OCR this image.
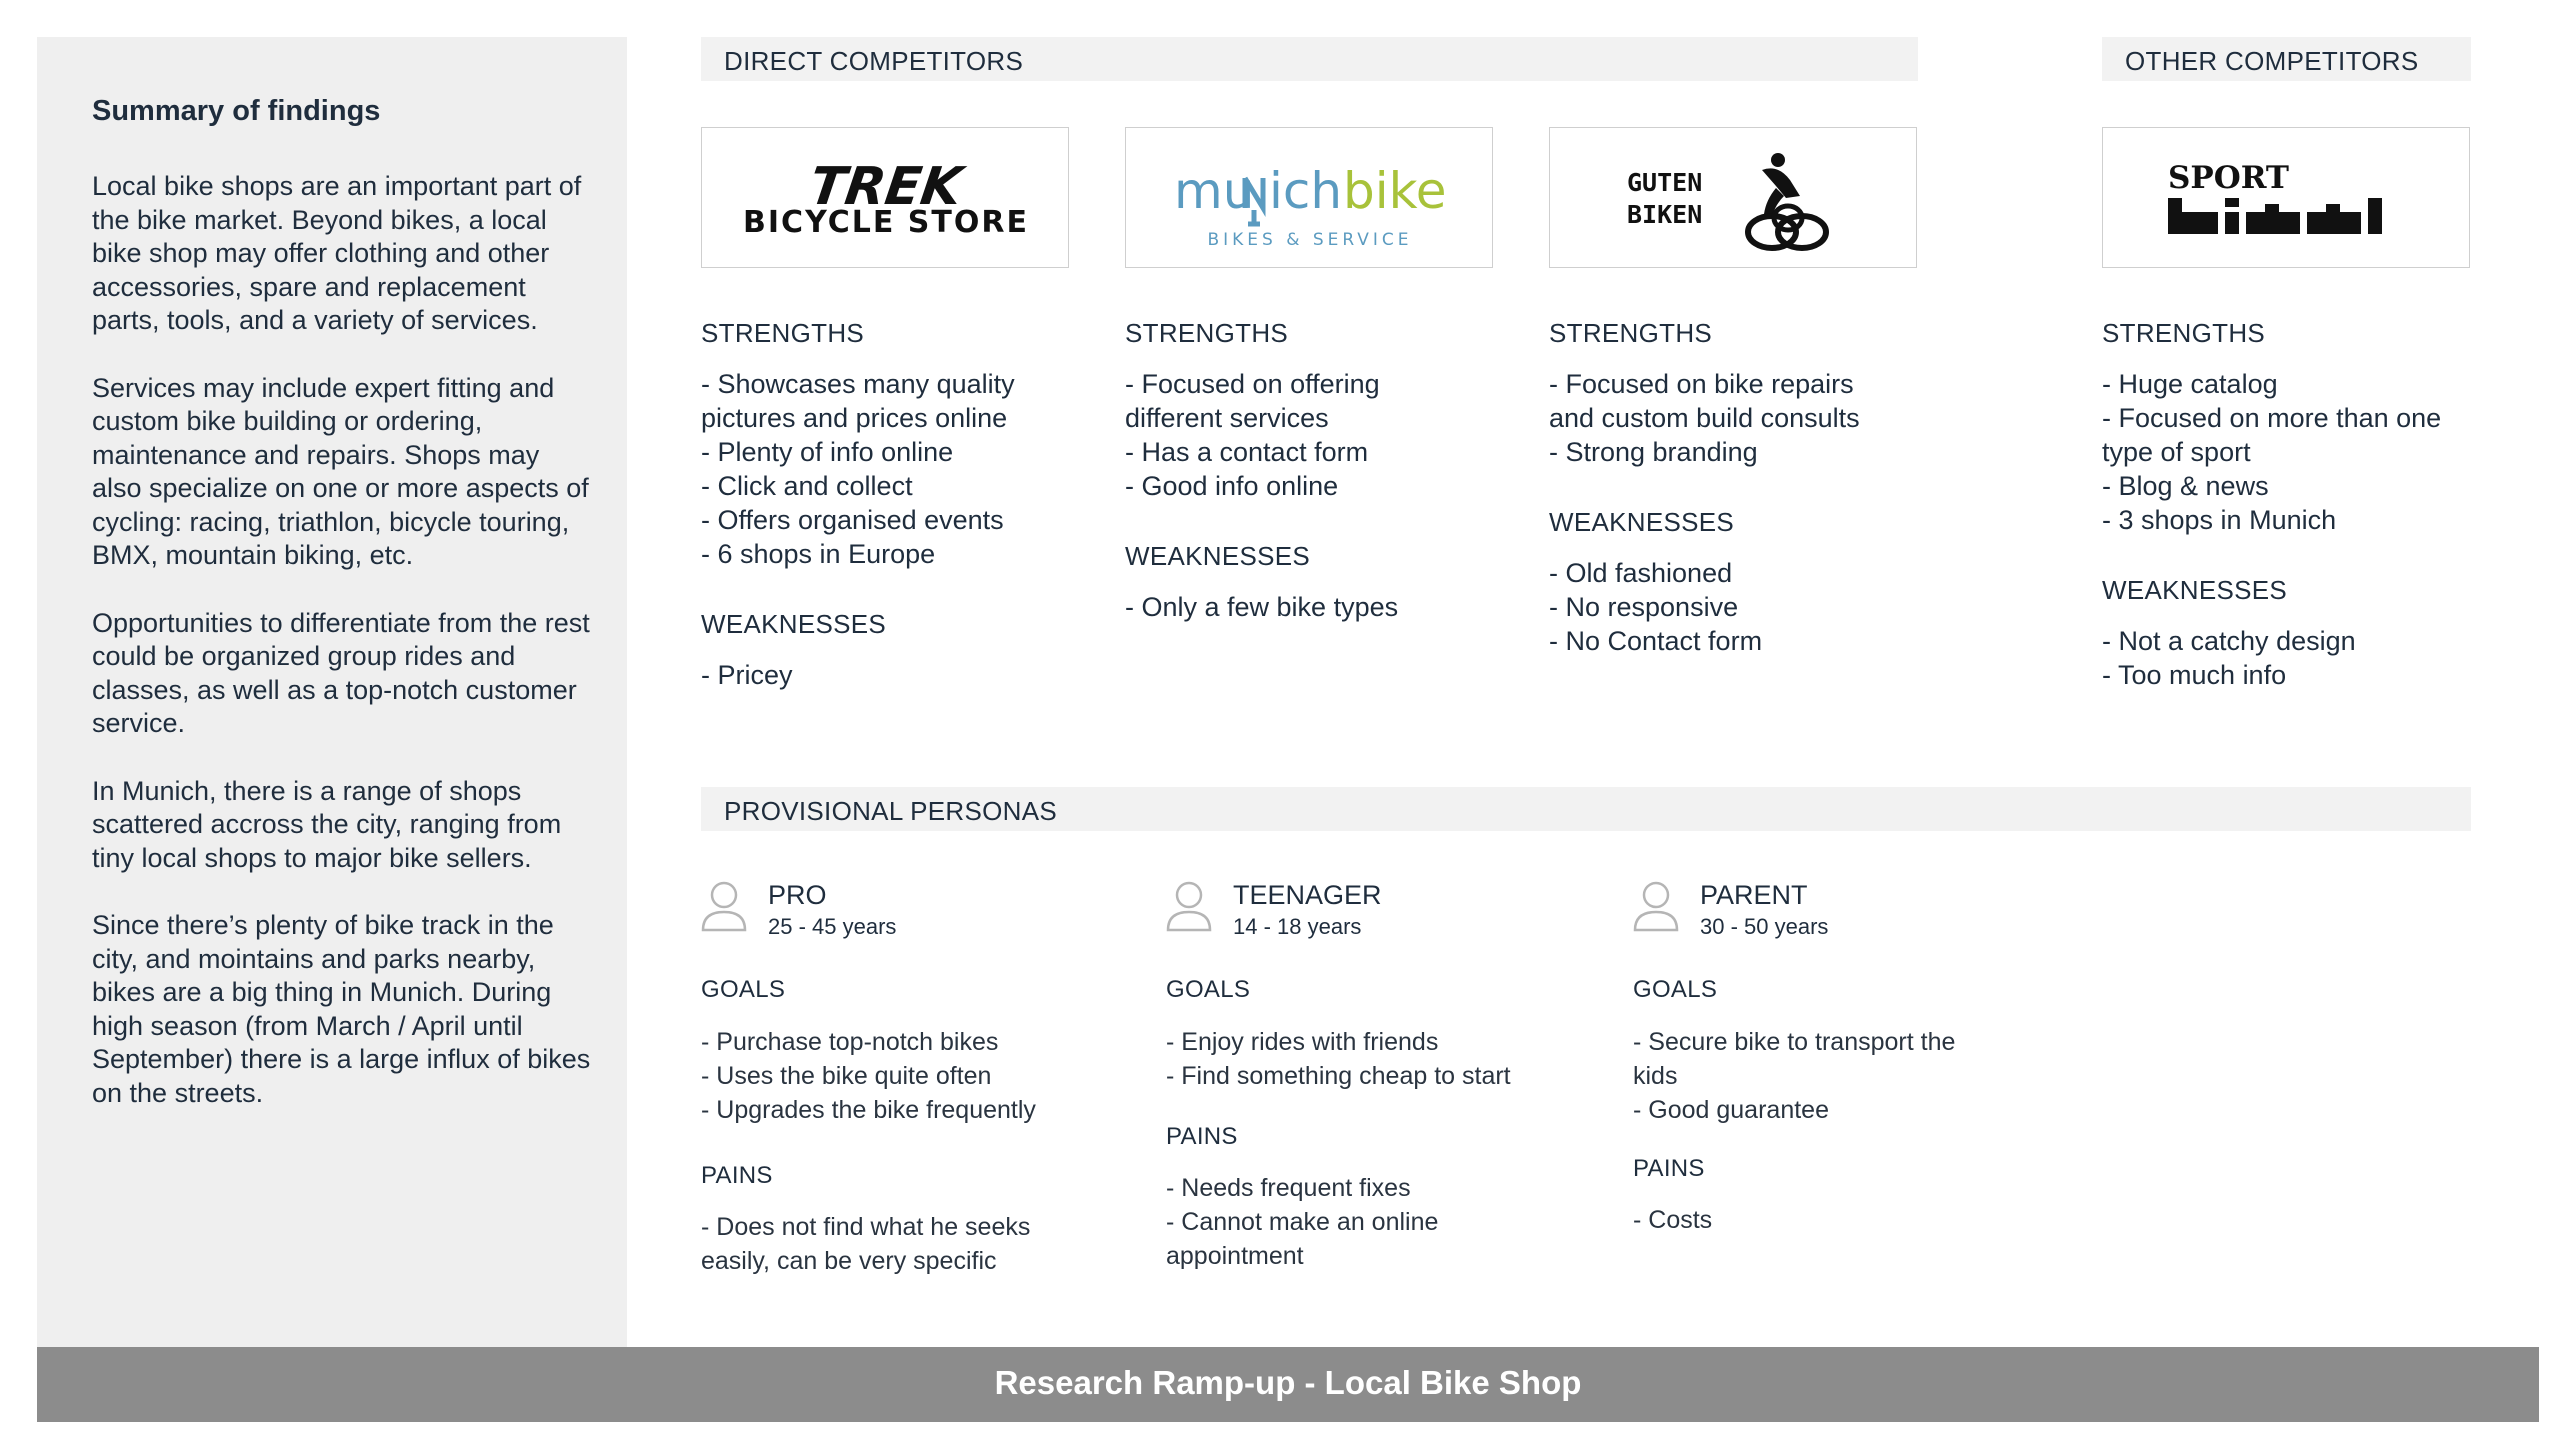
Summary of findings

Local bike shops are an important part of the bike market. Beyond bikes, a local bike shop may offer clothing and other accessories, spare and replacement parts, tools, and a variety of services.

Services may include expert fitting and custom bike building or ordering, maintenance and repairs. Shops may also specialize on one or more aspects of cycling: racing, triathlon, bicycle touring, BMX, mountain biking, etc.

Opportunities to differentiate from the rest could be organized group rides and classes, as well as a top-notch customer service.

In Munich, there is a range of shops scattered accross the city, ranging from tiny local shops to major bike sellers.

Since there’s plenty of bike track in the city, and mointains and parks nearby, bikes are a big thing in Munich. During high season (from March / April until September) there is a large influx of bikes on the streets.

DIRECT COMPETITORS	OTHER COMPETITORS
TREK
BICYCLE STORE
mu ich bike
BIKES & SERVICE
GUTEN
BIKEN
SPORT
STRENGTHS
- Showcases many quality
pictures and prices online
- Plenty of info online
- Click and collect
- Offers organised events
- 6 shops in Europe
WEAKNESSES
- Pricey
STRENGTHS
- Focused on offering
different services
- Has a contact form
- Good info online
WEAKNESSES
- Only a few bike types
STRENGTHS
- Focused on bike repairs
and custom build consults
- Strong branding
WEAKNESSES
- Old fashioned
- No responsive
- No Contact form
STRENGTHS
- Huge catalog
- Focused on more than one
type of sport
- Blog & news
- 3 shops in Munich
WEAKNESSES
- Not a catchy design
- Too much info
PROVISIONAL PERSONAS
PRO
25 - 45 years
GOALS
- Purchase top-notch bikes
- Uses the bike quite often
- Upgrades the bike frequently
PAINS
- Does not find what he seeks
easily, can be very specific
TEENAGER
14 - 18 years
GOALS
- Enjoy rides with friends
- Find something cheap to start
PAINS
- Needs frequent fixes
- Cannot make an online
appointment
PARENT
30 - 50 years
GOALS
- Secure bike to transport the
kids
- Good guarantee
PAINS
- Costs
Research Ramp-up - Local Bike Shop
